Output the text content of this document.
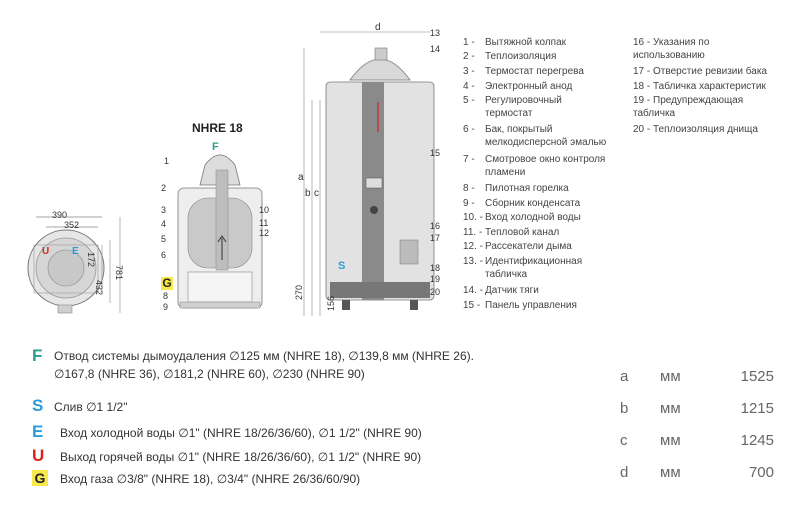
390
352
172
432
781
U E
NHRE 18
F
1
2
3
4
5
6
G
8
9
10
11
12
d
a
b c
270
156
13
14
15
16
17
18
19
20
S
1 - Вытяжной колпак
2 - Теплоизоляция
3 - Термостат перегрева
4 - Электронный анод
5 - Регулировочный
термостат
6 - Бак, покрытый
мелкодисперсной эмалью
7 - Смотровое окно контроля
пламени
8 - Пилотная горелка
9 - Сборник конденсата
10. - Вход холодной воды
11. - Тепловой канал
12. - Рассекатели дыма
13. - Идентификационная
табличка
14. - Датчик тяги
15 - Панель управления
16 - Указания по
использованию
17 - Отверстие ревизии бака
18 - Табличка характеристик
19 - Предупреждающая
табличка
20 - Теплоизоляция днища
F Отвод системы дымоудаления ∅125 мм (NHRE 18), ∅139,8 мм (NHRE 26).
∅167,8 (NHRE 36), ∅181,2 (NHRE 60), ∅230 (NHRE 90)
S Слив ∅1 1/2"
E Вход холодной воды ∅1" (NHRE 18/26/36/60), ∅1 1/2" (NHRE 90)
U Выход горячей воды ∅1" (NHRE 18/26/36/60), ∅1 1/2" (NHRE 90)
G Вход газа ∅3/8" (NHRE 18), ∅3/4" (NHRE 26/36/60/90)
a мм	1525
b мм	1215
c мм	1245
d мм	700
